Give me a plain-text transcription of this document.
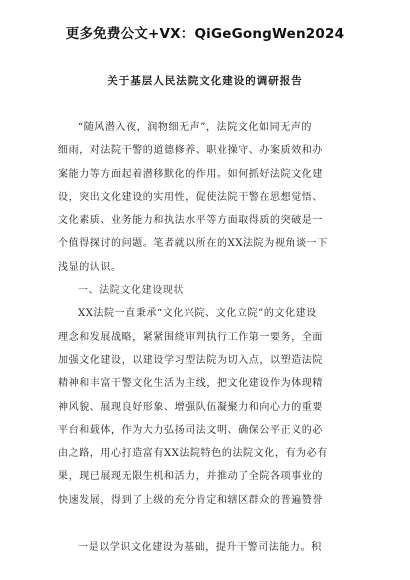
更多免费公文+VX：QiGeGongWen2024
关于基层人民法院文化建设的调研报告
“随风潜入夜，润物细无声”，法院文化如同无声的
细雨，对法院干警的道德修养、职业操守、办案质效和办
案能力等方面起着潜移默化的作用。如何抓好法院文化建
设，突出文化建设的实用性，促使法院干警在思想觉悟、
文化素质、业务能力和执法水平等方面取得质的突破是一
个值得探讨的问题。笔者就以所在的XX法院为视角谈一下
浅显的认识。
一、法院文化建设现状
XX法院一直秉承“文化兴院、文化立院”的文化建设
理念和发展战略，紧紧围绕审判执行工作第一要务，全面
加强文化建设，以建设学习型法院为切入点，以塑造法院
精神和丰富干警文化生活为主线，把文化建设作为体现精
神风貌、展现良好形象、增强队伍凝聚力和向心力的重要
平台和载体，作为大力弘扬司法文明、确保公平正义的必
由之路，用心打造富有XX法院特色的法院文化，有为必有
果，现已展现无限生机和活力，并推动了全院各项事业的
快速发展，得到了上级的充分肯定和辖区群众的普遍赞誉
一是以学识文化建设为基础，提升干警司法能力。积
